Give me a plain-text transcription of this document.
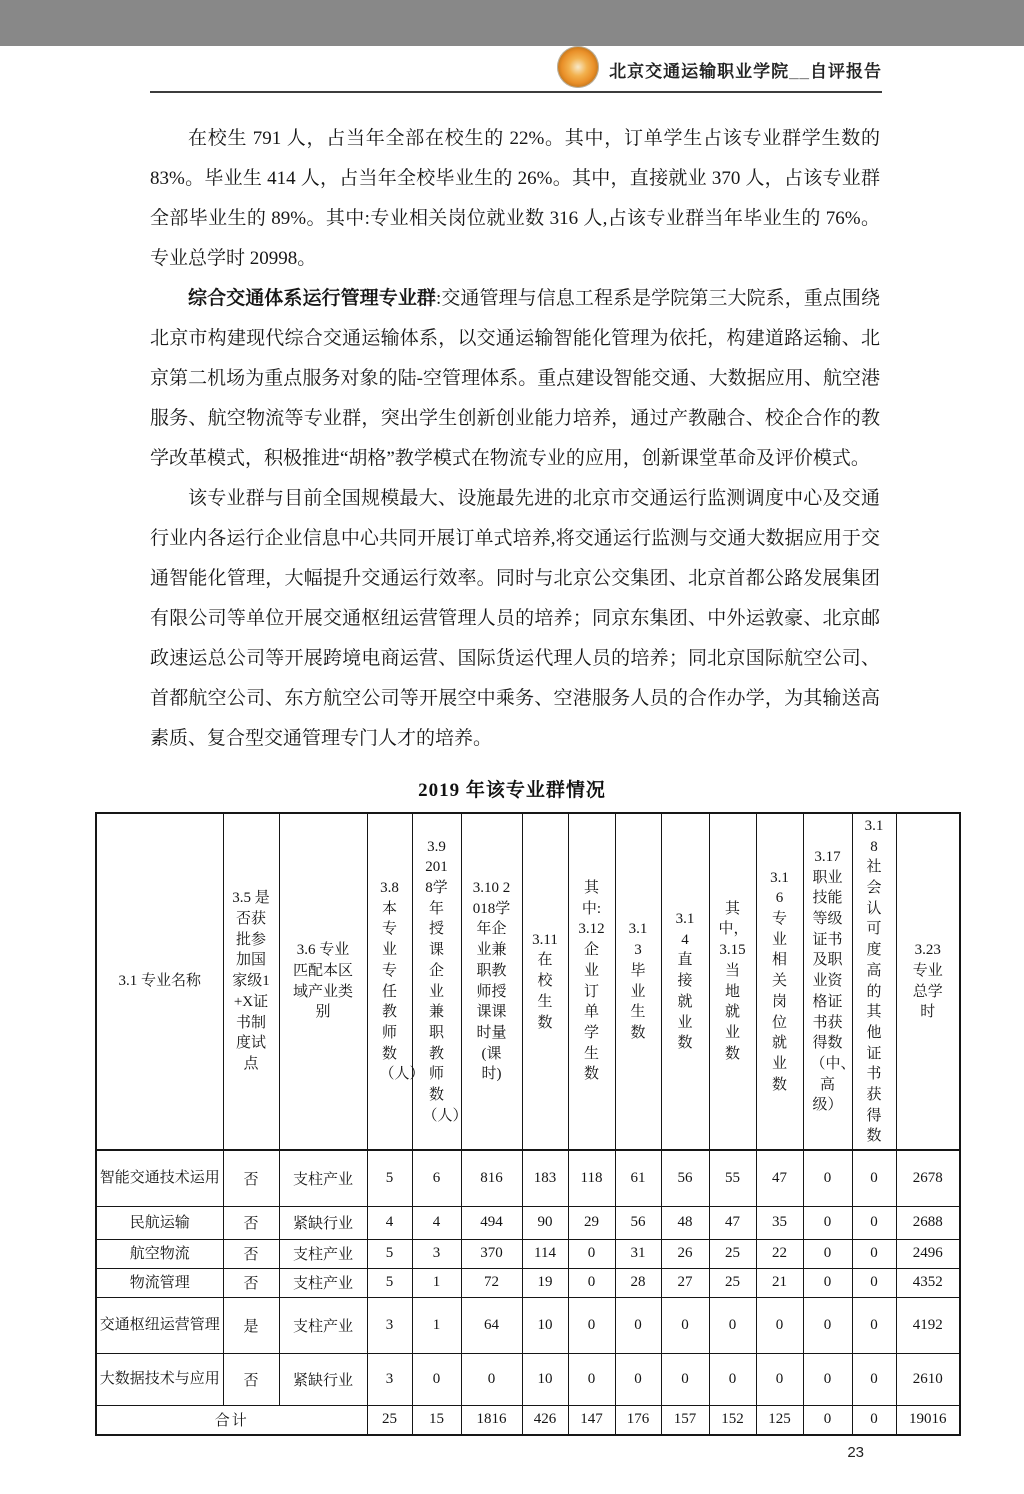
北京交通运输职业学院__自评报告

在校生 791 人，占当年全部在校生的 22%。其中，订单学生占该专业群学生数的 83%。毕业生 414 人，占当年全校毕业生的 26%。其中，直接就业 370 人，占该专业群全部毕业生的 89%。其中:专业相关岗位就业数 316 人,占该专业群当年毕业生的 76%。专业总学时 20998。

综合交通体系运行管理专业群:交通管理与信息工程系是学院第三大院系，重点围绕北京市构建现代综合交通运输体系，以交通运输智能化管理为依托，构建道路运输、北京第二机场为重点服务对象的陆-空管理体系。重点建设智能交通、大数据应用、航空港服务、航空物流等专业群，突出学生创新创业能力培养，通过产教融合、校企合作的教学改革模式，积极推进“胡格”教学模式在物流专业的应用，创新课堂革命及评价模式。

该专业群与目前全国规模最大、设施最先进的北京市交通运行监测调度中心及交通行业内各运行企业信息中心共同开展订单式培养,将交通运行监测与交通大数据应用于交通智能化管理，大幅提升交通运行效率。同时与北京公交集团、北京首都公路发展集团有限公司等单位开展交通枢纽运营管理人员的培养；同京东集团、中外运敦豪、北京邮政速运总公司等开展跨境电商运营、国际货运代理人员的培养；同北京国际航空公司、首都航空公司、东方航空公司等开展空中乘务、空港服务人员的合作办学，为其输送高素质、复合型交通管理专门人才的培养。

2019 年该专业群情况
3.1 专业名称	3.5 是否获批参加国家级1+X证书制度试点	3.6 专业匹配本区域产业类别	3.8 本专业专任教师数（人）	3.9 2018学年授课企业兼职教师数（人）	3.10 2018学年企业兼职教师授课课时量(课时)	3.11 在校生数	其中: 3.12 企业订单学生数	3.13 毕业生数	3.14 直接就业数	其中，3.15 当地就业数	3.16 专业相关岗位就业数	3.17 职业技能等级证书及职业资格证书获得数（中、高级）	3.18 社会认可度高的其他证书获得数	3.23 专业总学时

智能交通技术运用	否	支柱产业	5	6	816	183	118	61	56	55	47	0	0	2678
民航运输	否	紧缺行业	4	4	494	90	29	56	48	47	35	0	0	2688
航空物流	否	支柱产业	5	3	370	114	0	31	26	25	22	0	0	2496
物流管理	否	支柱产业	5	1	72	19	0	28	27	25	21	0	0	4352
交通枢纽运营管理	是	支柱产业	3	1	64	10	0	0	0	0	0	0	0	4192
大数据技术与应用	否	紧缺行业	3	0	0	10	0	0	0	0	0	0	0	2610
合计			25	15	1816	426	147	176	157	152	125	0	0	19016
23
